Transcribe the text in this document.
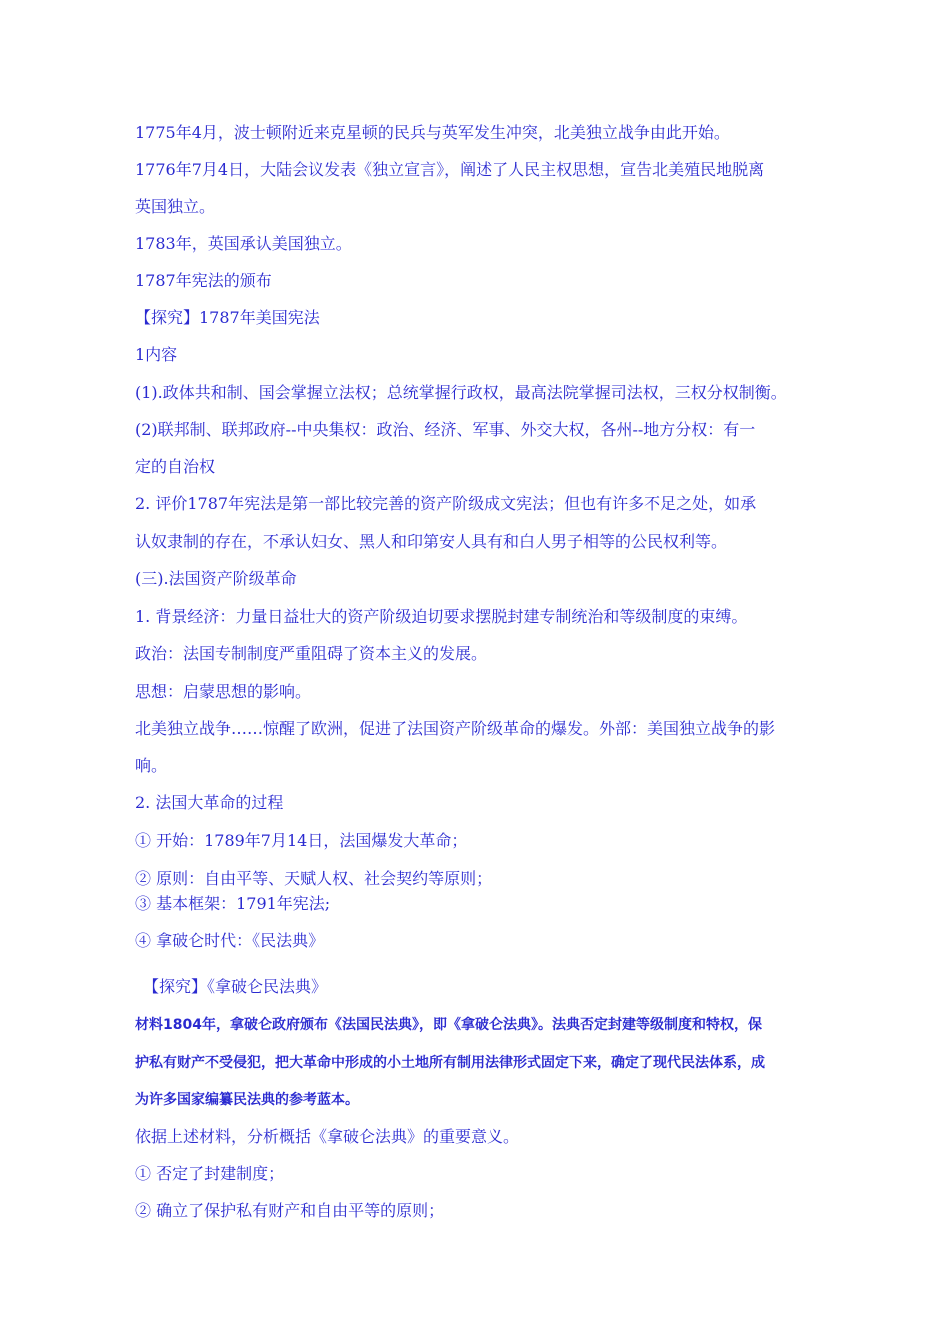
1775年4月，波士顿附近来克星顿的民兵与英军发生冲突，北美独立战争由此开始。
1776年7月4日，大陆会议发表《独立宣言》，阐述了人民主权思想，宣告北美殖民地脱离
英国独立。
1783年，英国承认美国独立。
1787年宪法的颁布
【探究】1787年美国宪法
1内容
(1).政体共和制、国会掌握立法权；总统掌握行政权，最高法院掌握司法权，三权分权制衡。
(2)联邦制、联邦政府--中央集权：政治、经济、军事、外交大权，各州--地方分权：有一
定的自治权
2. 评价1787年宪法是第一部比较完善的资产阶级成文宪法；但也有许多不足之处，如承
认奴隶制的存在，不承认妇女、黑人和印第安人具有和白人男子相等的公民权利等。
(三).法国资产阶级革命
1. 背景经济：力量日益壮大的资产阶级迫切要求摆脱封建专制统治和等级制度的束缚。
政治：法国专制制度严重阻碍了资本主义的发展。
思想：启蒙思想的影响。
北美独立战争……惊醒了欧洲，促进了法国资产阶级革命的爆发。外部：美国独立战争的影
响。
2. 法国大革命的过程
① 开始：1789年7月14日，法国爆发大革命；
② 原则：自由平等、天赋人权、社会契约等原则；
③ 基本框架：1791年宪法;
④ 拿破仑时代：《民法典》
【探究】《拿破仑民法典》
材料1804年，拿破仑政府颁布《法国民法典》，即《拿破仑法典》。法典否定封建等级制度和特权，保
护私有财产不受侵犯，把大革命中形成的小土地所有制用法律形式固定下来，确定了现代民法体系，成
为许多国家编纂民法典的参考蓝本。
依据上述材料，分析概括《拿破仑法典》的重要意义。
① 否定了封建制度；
② 确立了保护私有财产和自由平等的原则；
